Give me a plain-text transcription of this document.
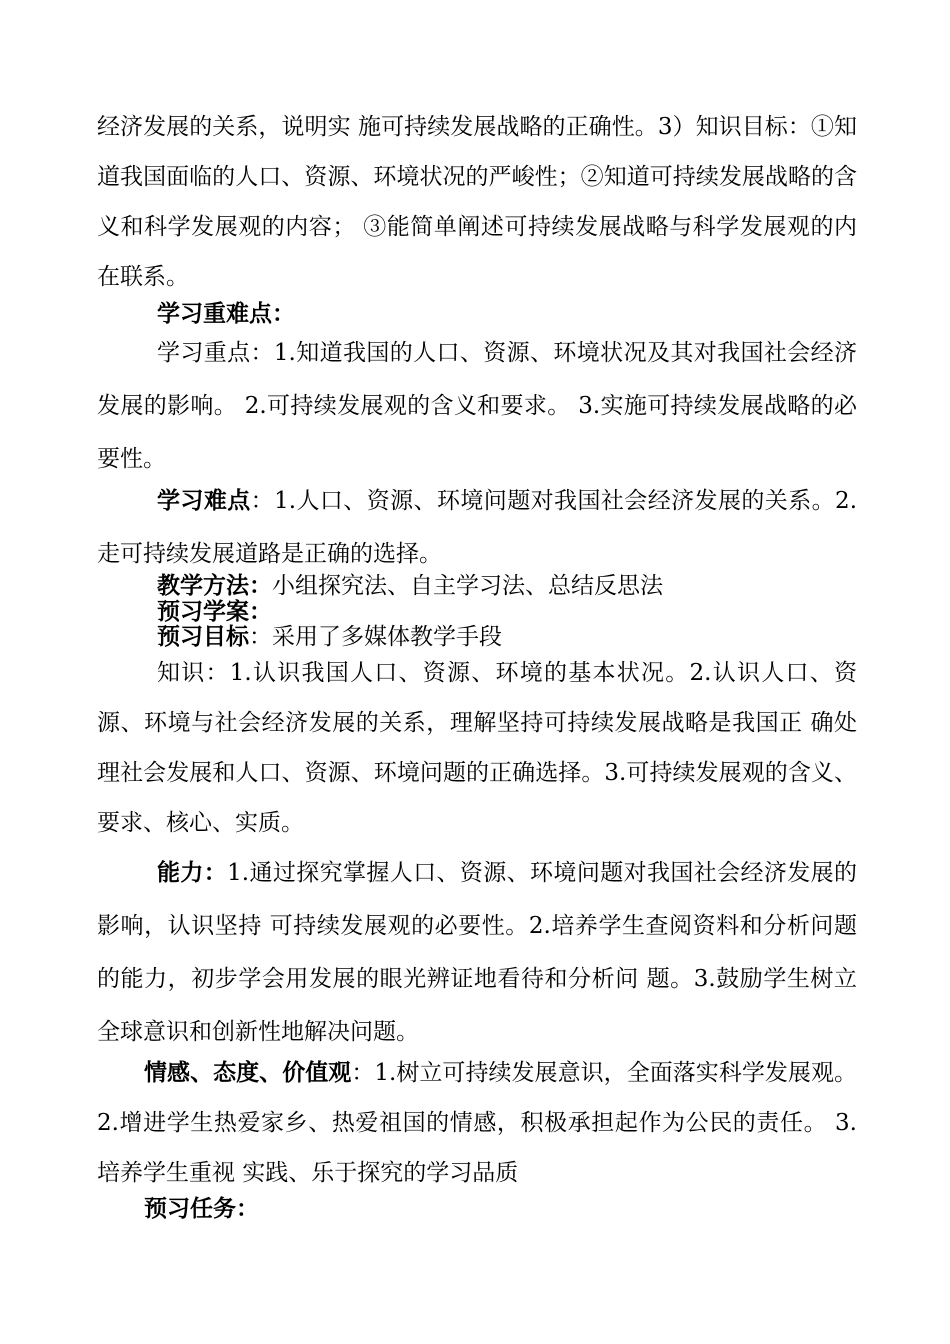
经济发展的关系，说明实 施可持续发展战略的正确性。3）知识目标：①知道我国面临的人口、资源、环境状况的严峻性；②知道可持续发展战略的含义和科学发展观的内容； ③能简单阐述可持续发展战略与科学发展观的内在联系。
学习重难点：
学习重点：1.知道我国的人口、资源、环境状况及其对我国社会经济发展的影响。 2.可持续发展观的含义和要求。 3.实施可持续发展战略的必要性。
学习难点：1.人口、资源、环境问题对我国社会经济发展的关系。2.走可持续发展道路是正确的选择。
教学方法：小组探究法、自主学习法、总结反思法
预习学案：
预习目标：采用了多媒体教学手段
知识：1.认识我国人口、资源、环境的基本状况。2.认识人口、资源、环境与社会经济发展的关系，理解坚持可持续发展战略是我国正 确处理社会发展和人口、资源、环境问题的正确选择。3.可持续发展观的含义、要求、核心、实质。
能力：1.通过探究掌握人口、资源、环境问题对我国社会经济发展的影响，认识坚持 可持续发展观的必要性。2.培养学生查阅资料和分析问题的能力，初步学会用发展的眼光辨证地看待和分析问 题。3.鼓励学生树立全球意识和创新性地解决问题。
情感、态度、价值观：1.树立可持续发展意识，全面落实科学发展观。2.增进学生热爱家乡、热爱祖国的情感，积极承担起作为公民的责任。 3.培养学生重视 实践、乐于探究的学习品质
预习任务：
